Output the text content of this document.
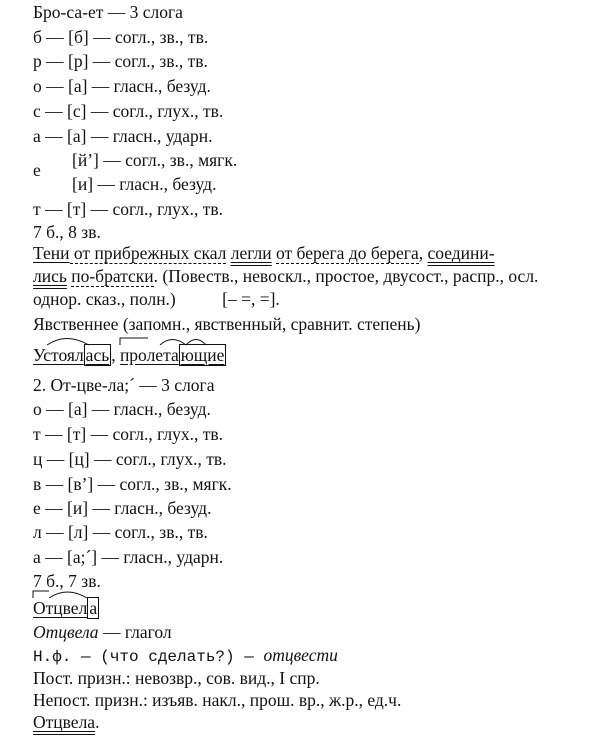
Бро-са-ет — 3 слога
б — [б] — согл., зв., тв.
р — [р] — согл., зв., тв.
о — [а] — гласн., безуд.
с — [с] — согл., глух., тв.
а — [а] — гласн., ударн.
е [й’] — согл., зв., мягк.
[и] — гласн., безуд.
т — [т] — согл., глух., тв.
7 б., 8 зв.
Тени от прибрежных скал легли от берега до берега, соедини-
лись по-братски. (Повеств., невоскл., простое, двусост., распр., осл.
однор. сказ., полн.)	[– =, =].
Явственнее (запомн., явственный, сравнит. степень)
Устоял ась ,
пролета ющие
2. От-цве-ла;´ — 3 слога
о — [а] — гласн., безуд.
т — [т] — согл., глух., тв.
ц — [ц] — согл., глух., тв.
в — [в’] — согл., зв., мягк.
е — [и] — гласн., безуд.
л — [л] — согл., зв., тв.
а — [а;´] — гласн., ударн.
7 б., 7 зв.
Отцвел а
Отцвела — глагол
Н.ф. — (что сделать?) — отцвести
Пост. призн.: невозвр., сов. вид., I спр.
Непост. призн.: изъяв. накл., прош. вр., ж.р., ед.ч.
Отцвела.
